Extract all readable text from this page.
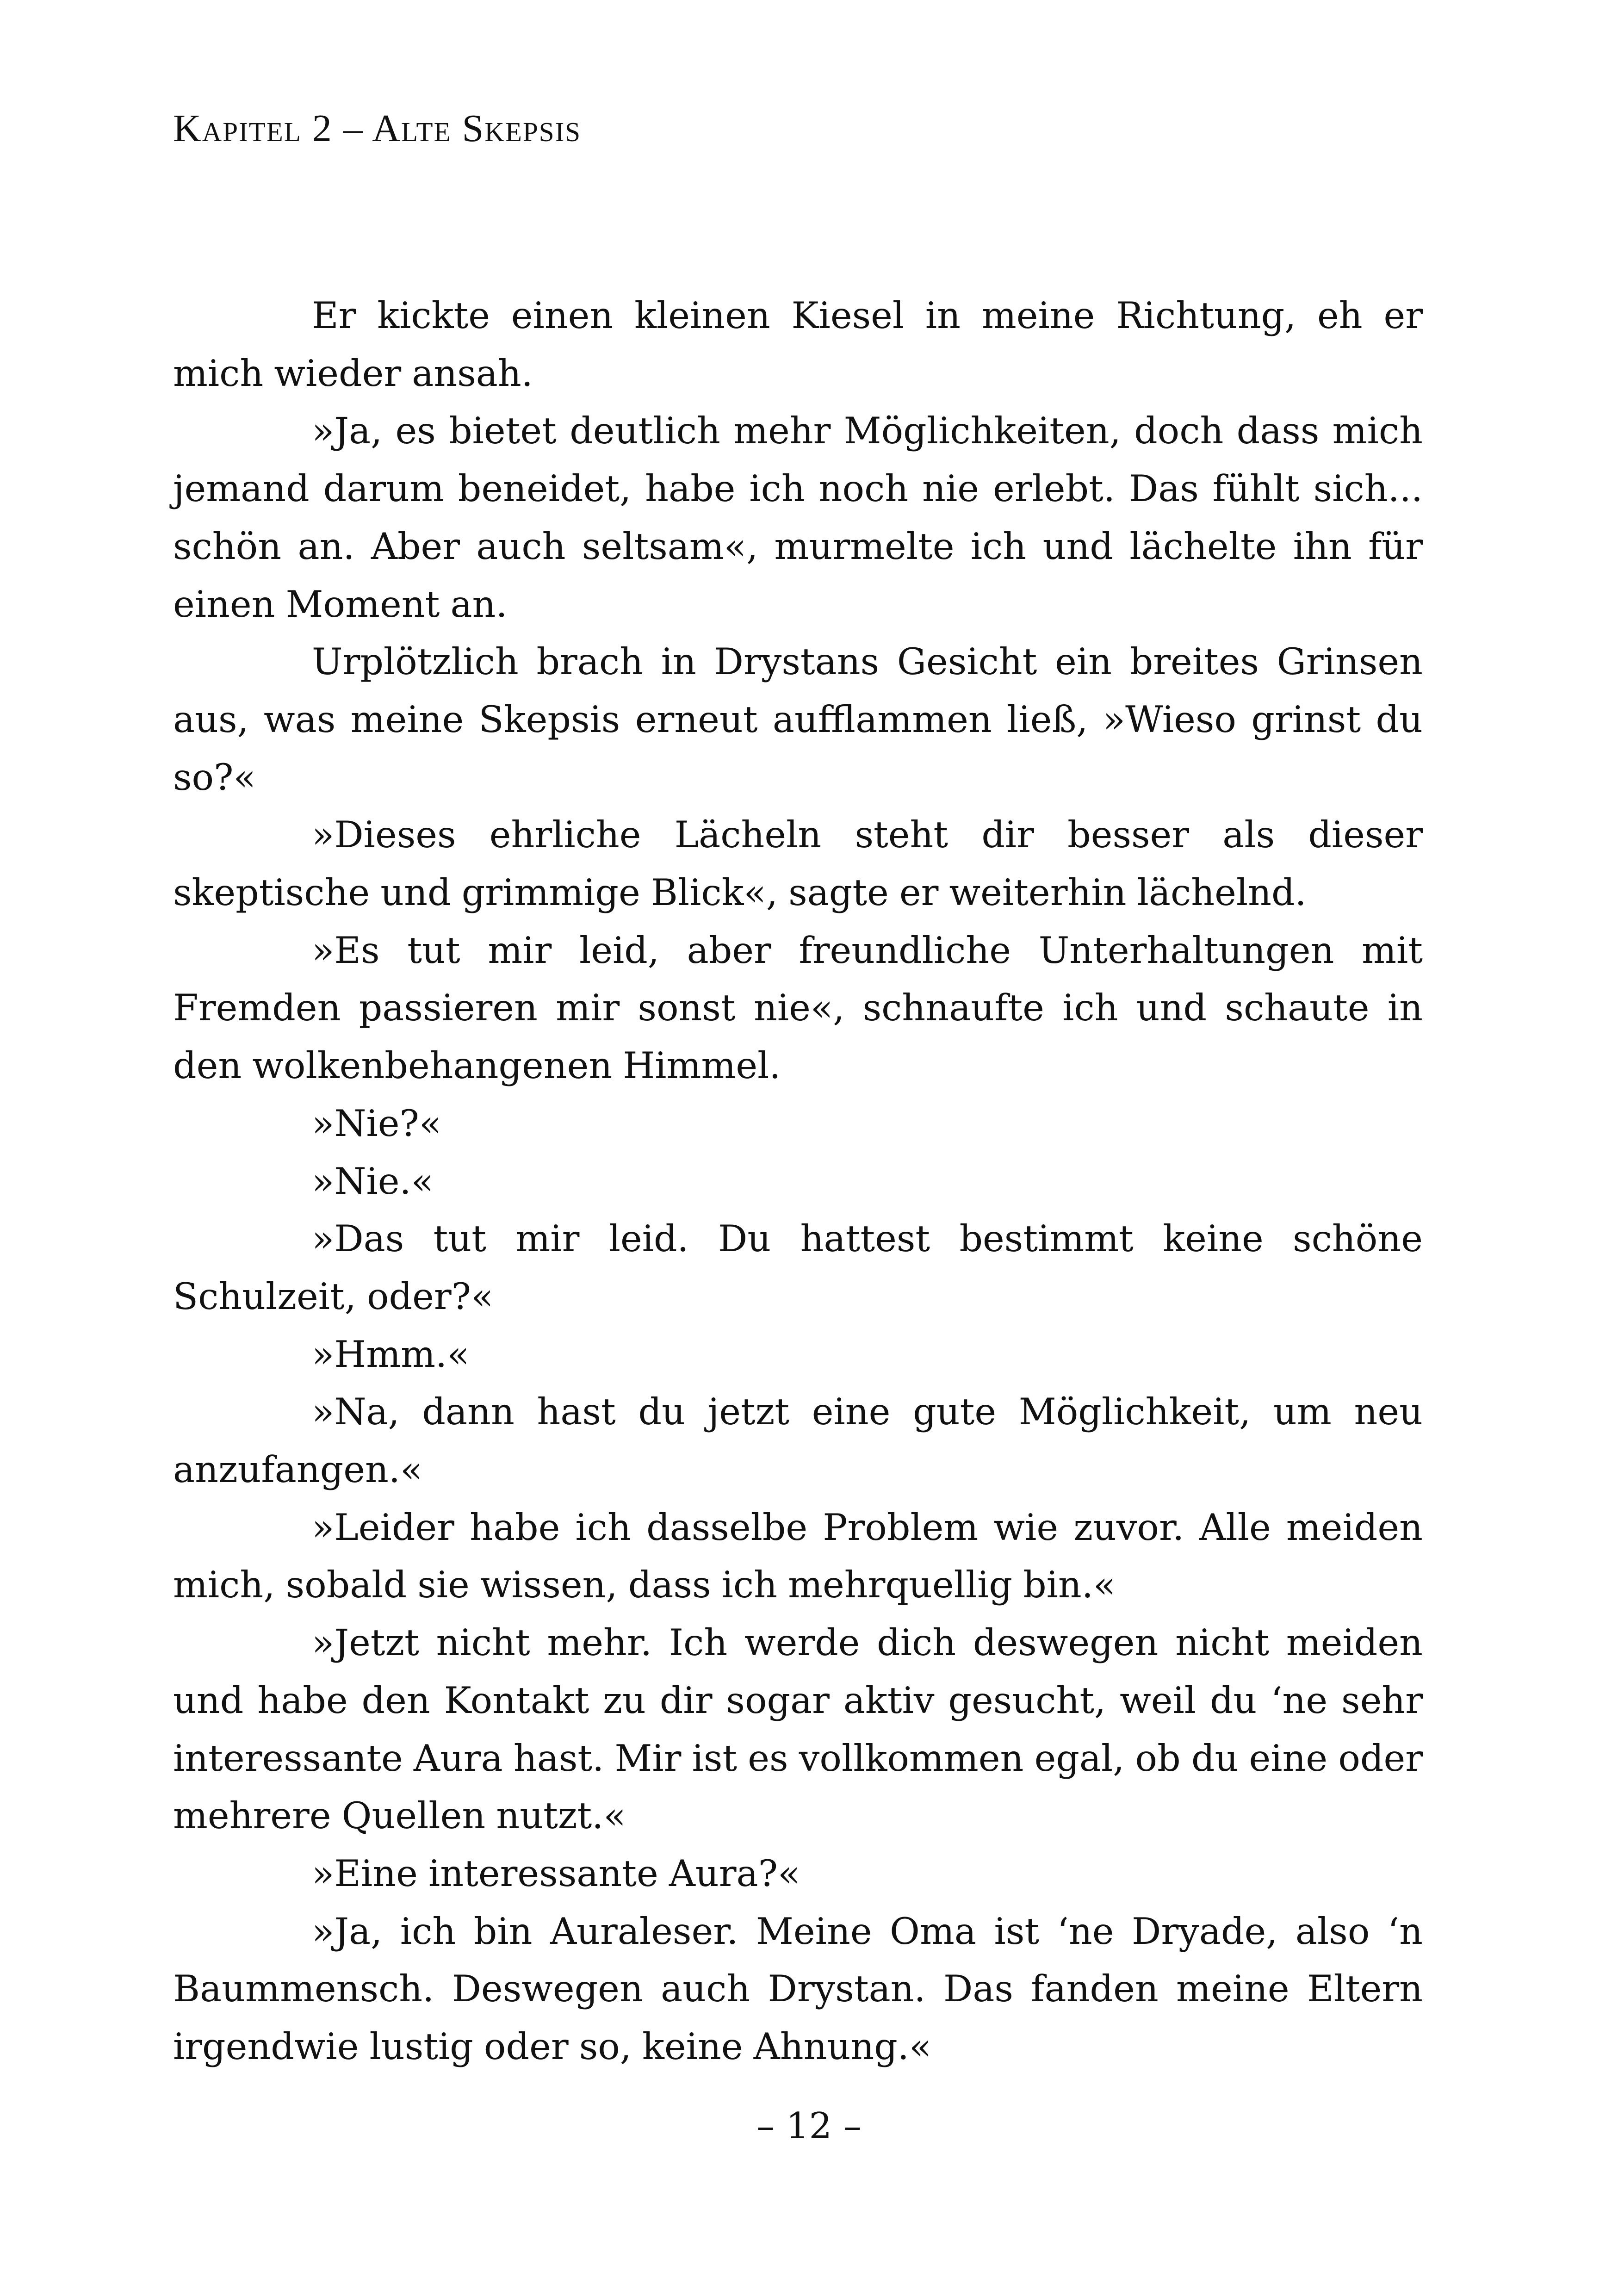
Kapitel 2 – Alte Skepsis

Er kickte einen kleinen Kiesel in meine Richtung, eh er mich wieder ansah.

»Ja, es bietet deutlich mehr Möglichkeiten, doch dass mich jemand darum beneidet, habe ich noch nie erlebt. Das fühlt sich... schön an. Aber auch seltsam«, murmelte ich und lächelte ihn für einen Moment an.

Urplötzlich brach in Drystans Gesicht ein breites Grinsen aus, was meine Skepsis erneut aufflammen ließ, »Wieso grinst du so?«

»Dieses ehrliche Lächeln steht dir besser als dieser skeptische und grimmige Blick«, sagte er weiterhin lächelnd.

»Es tut mir leid, aber freundliche Unterhaltungen mit Fremden passieren mir sonst nie«, schnaufte ich und schaute in den wolkenbehangenen Himmel.

»Nie?«

»Nie.«

»Das tut mir leid. Du hattest bestimmt keine schöne Schulzeit, oder?«

»Hmm.«

»Na, dann hast du jetzt eine gute Möglichkeit, um neu anzufangen.«

»Leider habe ich dasselbe Problem wie zuvor. Alle meiden mich, sobald sie wissen, dass ich mehrquellig bin.«

»Jetzt nicht mehr. Ich werde dich deswegen nicht meiden und habe den Kontakt zu dir sogar aktiv gesucht, weil du ‘ne sehr interessante Aura hast. Mir ist es vollkommen egal, ob du eine oder mehrere Quellen nutzt.«

»Eine interessante Aura?«

»Ja, ich bin Auraleser. Meine Oma ist ‘ne Dryade, also ‘n Baummensch. Deswegen auch Drystan. Das fanden meine Eltern irgendwie lustig oder so, keine Ahnung.«

– 12 –
